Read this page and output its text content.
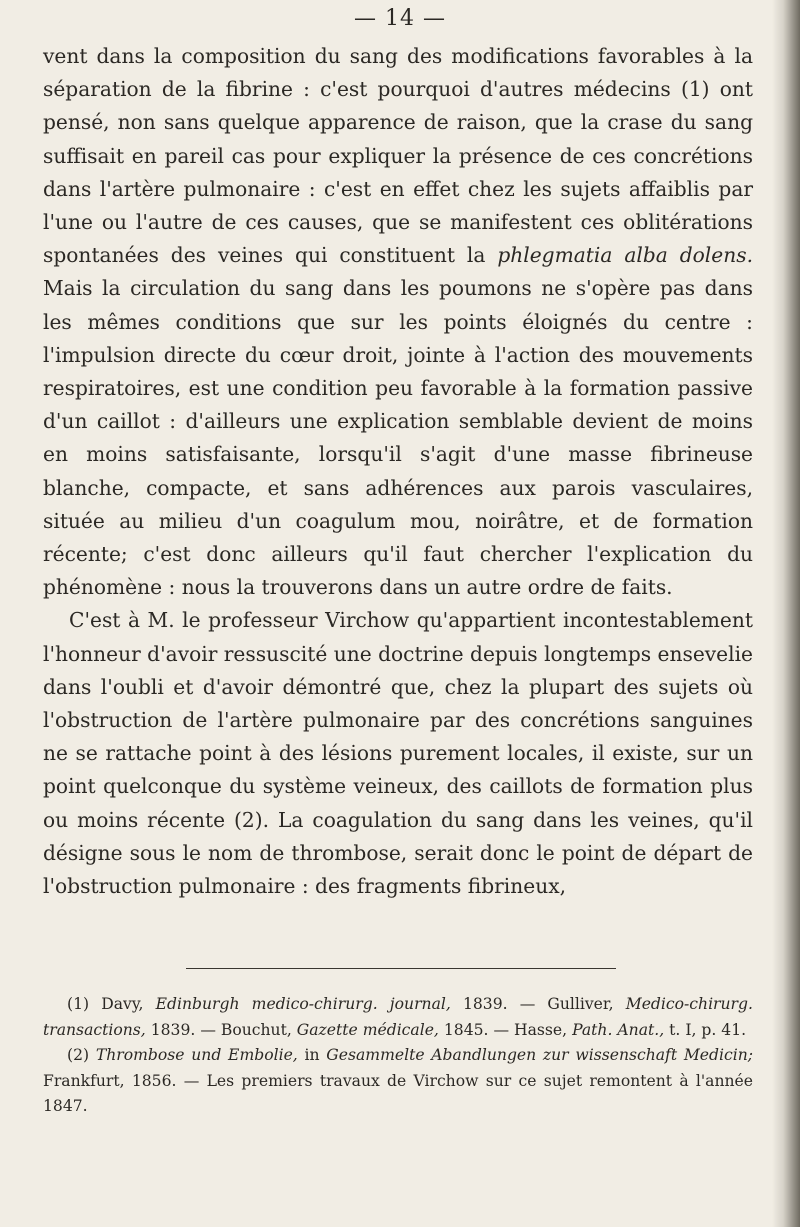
— 14 —

vent dans la composition du sang des modifications favorables à la séparation de la fibrine : c'est pourquoi d'autres médecins (1) ont pensé, non sans quelque apparence de raison, que la crase du sang suffisait en pareil cas pour expliquer la présence de ces concrétions dans l'artère pulmonaire : c'est en effet chez les sujets affaiblis par l'une ou l'autre de ces causes, que se manifestent ces oblitérations spontanées des veines qui constituent la phlegmatia alba dolens. Mais la circulation du sang dans les poumons ne s'opère pas dans les mêmes conditions que sur les points éloignés du centre : l'impulsion directe du cœur droit, jointe à l'action des mouvements respiratoires, est une condition peu favorable à la formation passive d'un caillot : d'ailleurs une explication semblable devient de moins en moins satisfaisante, lorsqu'il s'agit d'une masse fibrineuse blanche, compacte, et sans adhérences aux parois vasculaires, située au milieu d'un coagulum mou, noirâtre, et de formation récente; c'est donc ailleurs qu'il faut chercher l'explication du phénomène : nous la trouverons dans un autre ordre de faits.

C'est à M. le professeur Virchow qu'appartient incontestablement l'honneur d'avoir ressuscité une doctrine depuis longtemps ensevelie dans l'oubli et d'avoir démontré que, chez la plupart des sujets où l'obstruction de l'artère pulmonaire par des concrétions sanguines ne se rattache point à des lésions purement locales, il existe, sur un point quelconque du système veineux, des caillots de formation plus ou moins récente (2). La coagulation du sang dans les veines, qu'il désigne sous le nom de thrombose, serait donc le point de départ de l'obstruction pulmonaire : des fragments fibrineux,

(1) Davy, Edinburgh medico-chirurg. journal, 1839. — Gulliver, Medico-chirurg. transactions, 1839. — Bouchut, Gazette médicale, 1845. — Hasse, Path. Anat., t. I, p. 41.

(2) Thrombose und Embolie, in Gesammelte Abandlungen zur wissenschaft Medicin; Frankfurt, 1856. — Les premiers travaux de Virchow sur ce sujet remontent à l'année 1847.
